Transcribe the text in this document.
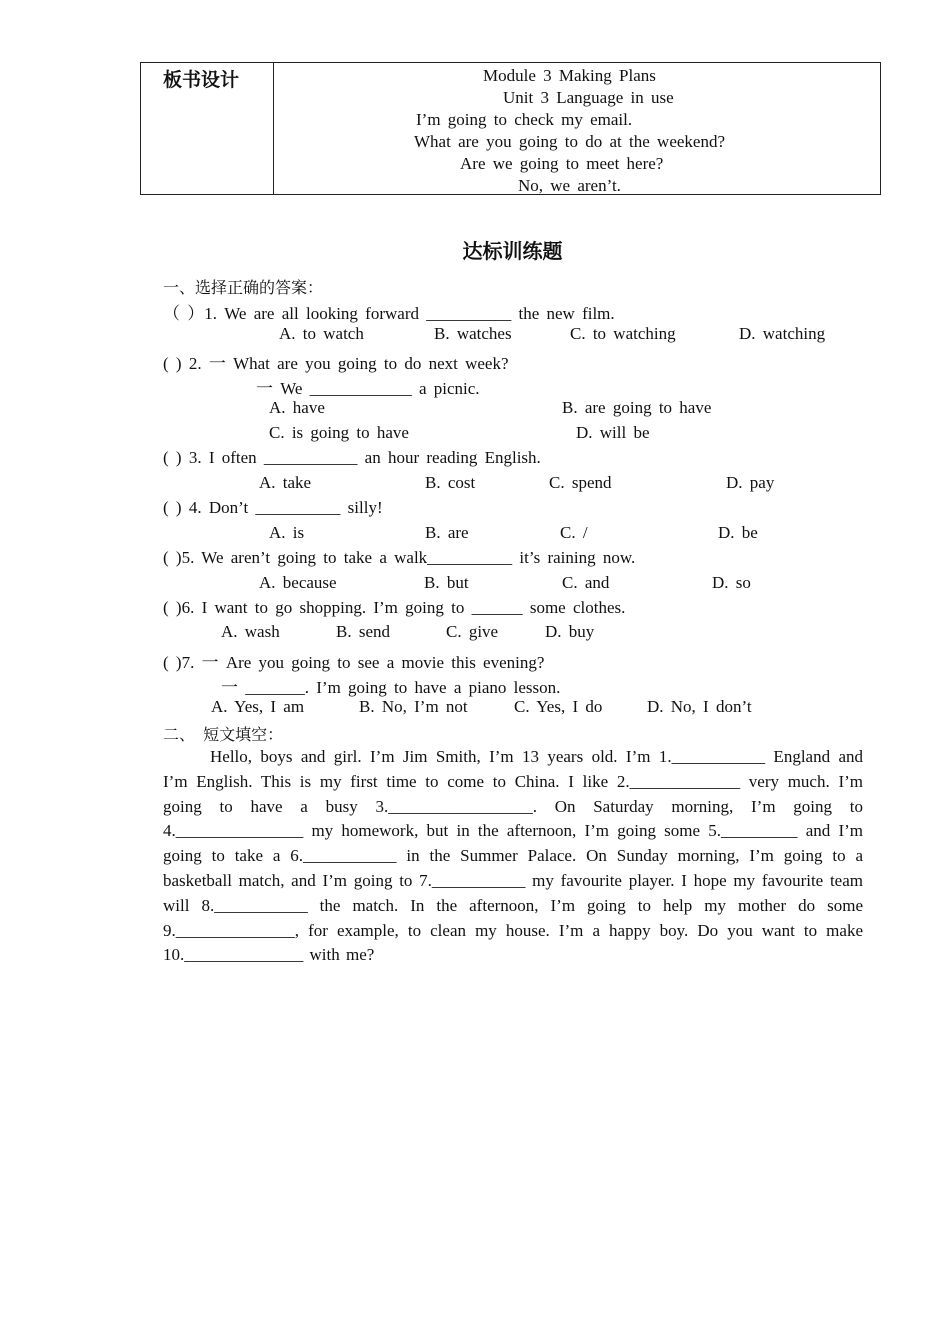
板书设计	Module 3 Making Plans
Unit 3 Language in use
I’m going to check my email.
What are you going to do at the weekend?
Are we going to meet here?
No, we aren’t.
达标训练题
一、选择正确的答案：
（ ）1. We are all looking forward __________ the new film.
A. to watch	B. watches	C. to watching	D. watching
( ) 2. 一 What are you going to do next week?
一 We ____________ a picnic.
A. have	B. are going to have
C. is going to have	D. will be
( ) 3. I often ___________ an hour reading English.
A. take	B. cost	C. spend	D. pay
( ) 4. Don’t __________ silly!
A. is	B. are	C. /	D. be
( )5. We aren’t going to take a walk__________ it’s raining now.
A. because	B. but	C. and	D. so
( )6. I want to go shopping. I’m going to ______ some clothes.
A. wash	B. send	C. give	D. buy
( )7. 一 Are you going to see a movie this evening?
一 _______. I’m going to have a piano lesson.
A. Yes, I am	B. No, I’m not	C. Yes, I do	D. No, I don’t
二、 短文填空：
Hello, boys and girl. I’m Jim Smith, I’m 13 years old. I’m 1.___________ England and I’m English. This is my first time to come to China. I like 2._____________ very much. I’m going to have a busy 3._________________. On Saturday morning, I’m going to 4._______________ my homework, but in the afternoon, I’m going some 5._________ and I’m going to take a 6.___________ in the Summer Palace. On Sunday morning, I’m going to a basketball match, and I’m going to 7.___________ my favourite player. I hope my favourite team will 8.___________ the match. In the afternoon, I’m going to help my mother do some 9.______________, for example, to clean my house. I’m a happy boy. Do you want to make 10.______________ with me?
